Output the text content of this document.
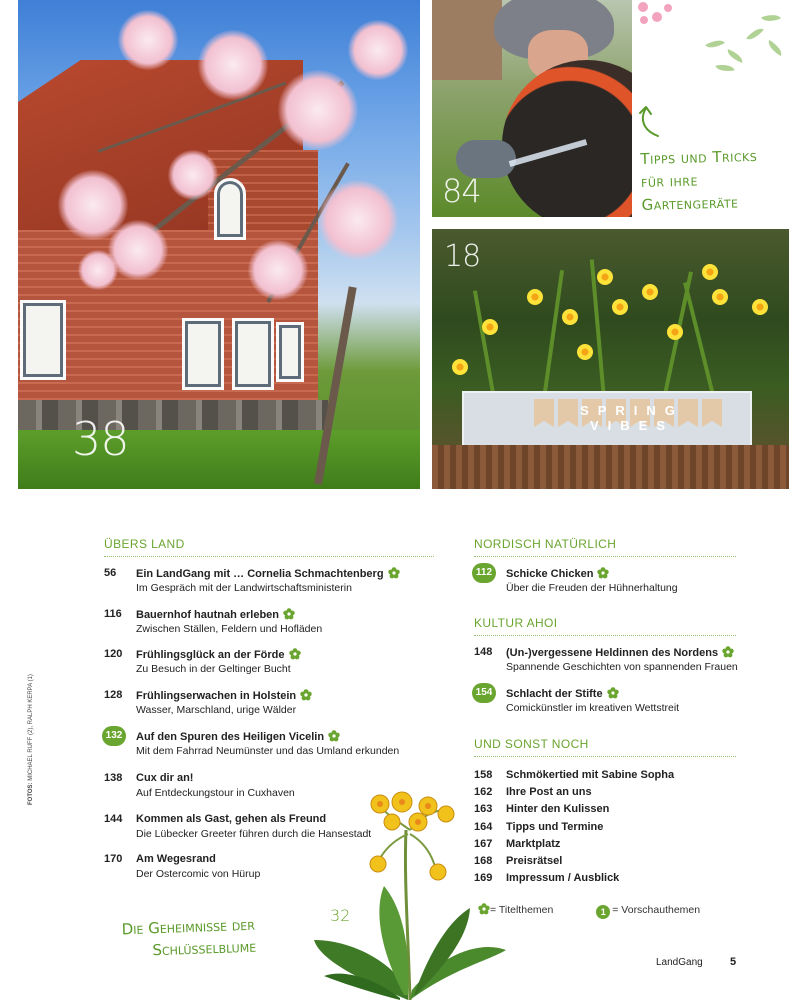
38
84
SPRING VIBES
18
Tipps und Tricks
für ihre
Gartengeräte
ÜBERS LAND
56	Ein LandGang mit … Cornelia Schmachtenberg
Im Gespräch mit der Landwirtschaftsministerin
116	Bauernhof hautnah erleben
Zwischen Ställen, Feldern und Hofläden
120	Frühlingsglück an der Förde
Zu Besuch in der Geltinger Bucht
128	Frühlingserwachen in Holstein
Wasser, Marschland, urige Wälder
132	Auf den Spuren des Heiligen Vicelin
Mit dem Fahrrad Neumünster und das Umland erkunden
138	Cux dir an!
Auf Entdeckungstour in Cuxhaven
144	Kommen als Gast, gehen als Freund
Die Lübecker Greeter führen durch die Hansestadt
170	Am Wegesrand
Der Ostercomic von Hürup
NORDISCH NATÜRLICH
KULTUR AHOI
UND SONST NOCH
112	Schicke Chicken
Über die Freuden der Hühnerhaltung
148	(Un-)vergessene Heldinnen des Nordens
Spannende Geschichten von spannenden Frauen
154	Schlacht der Stifte
Comickünstler im kreativen Wettstreit
158 Schmökertied mit Sabine Sopha
162 Ihre Post an uns
163 Hinter den Kulissen
164 Tipps und Termine
167 Marktplatz
168 Preisrätsel
169 Impressum / Ausblick
= Titelthemen	1 = Vorschauthemen
FOTOS: MICHAEL RUFF (2), RALPH KERPA (1)
Die Geheimnisse der
Schlüsselblume
32
LandGang 5
